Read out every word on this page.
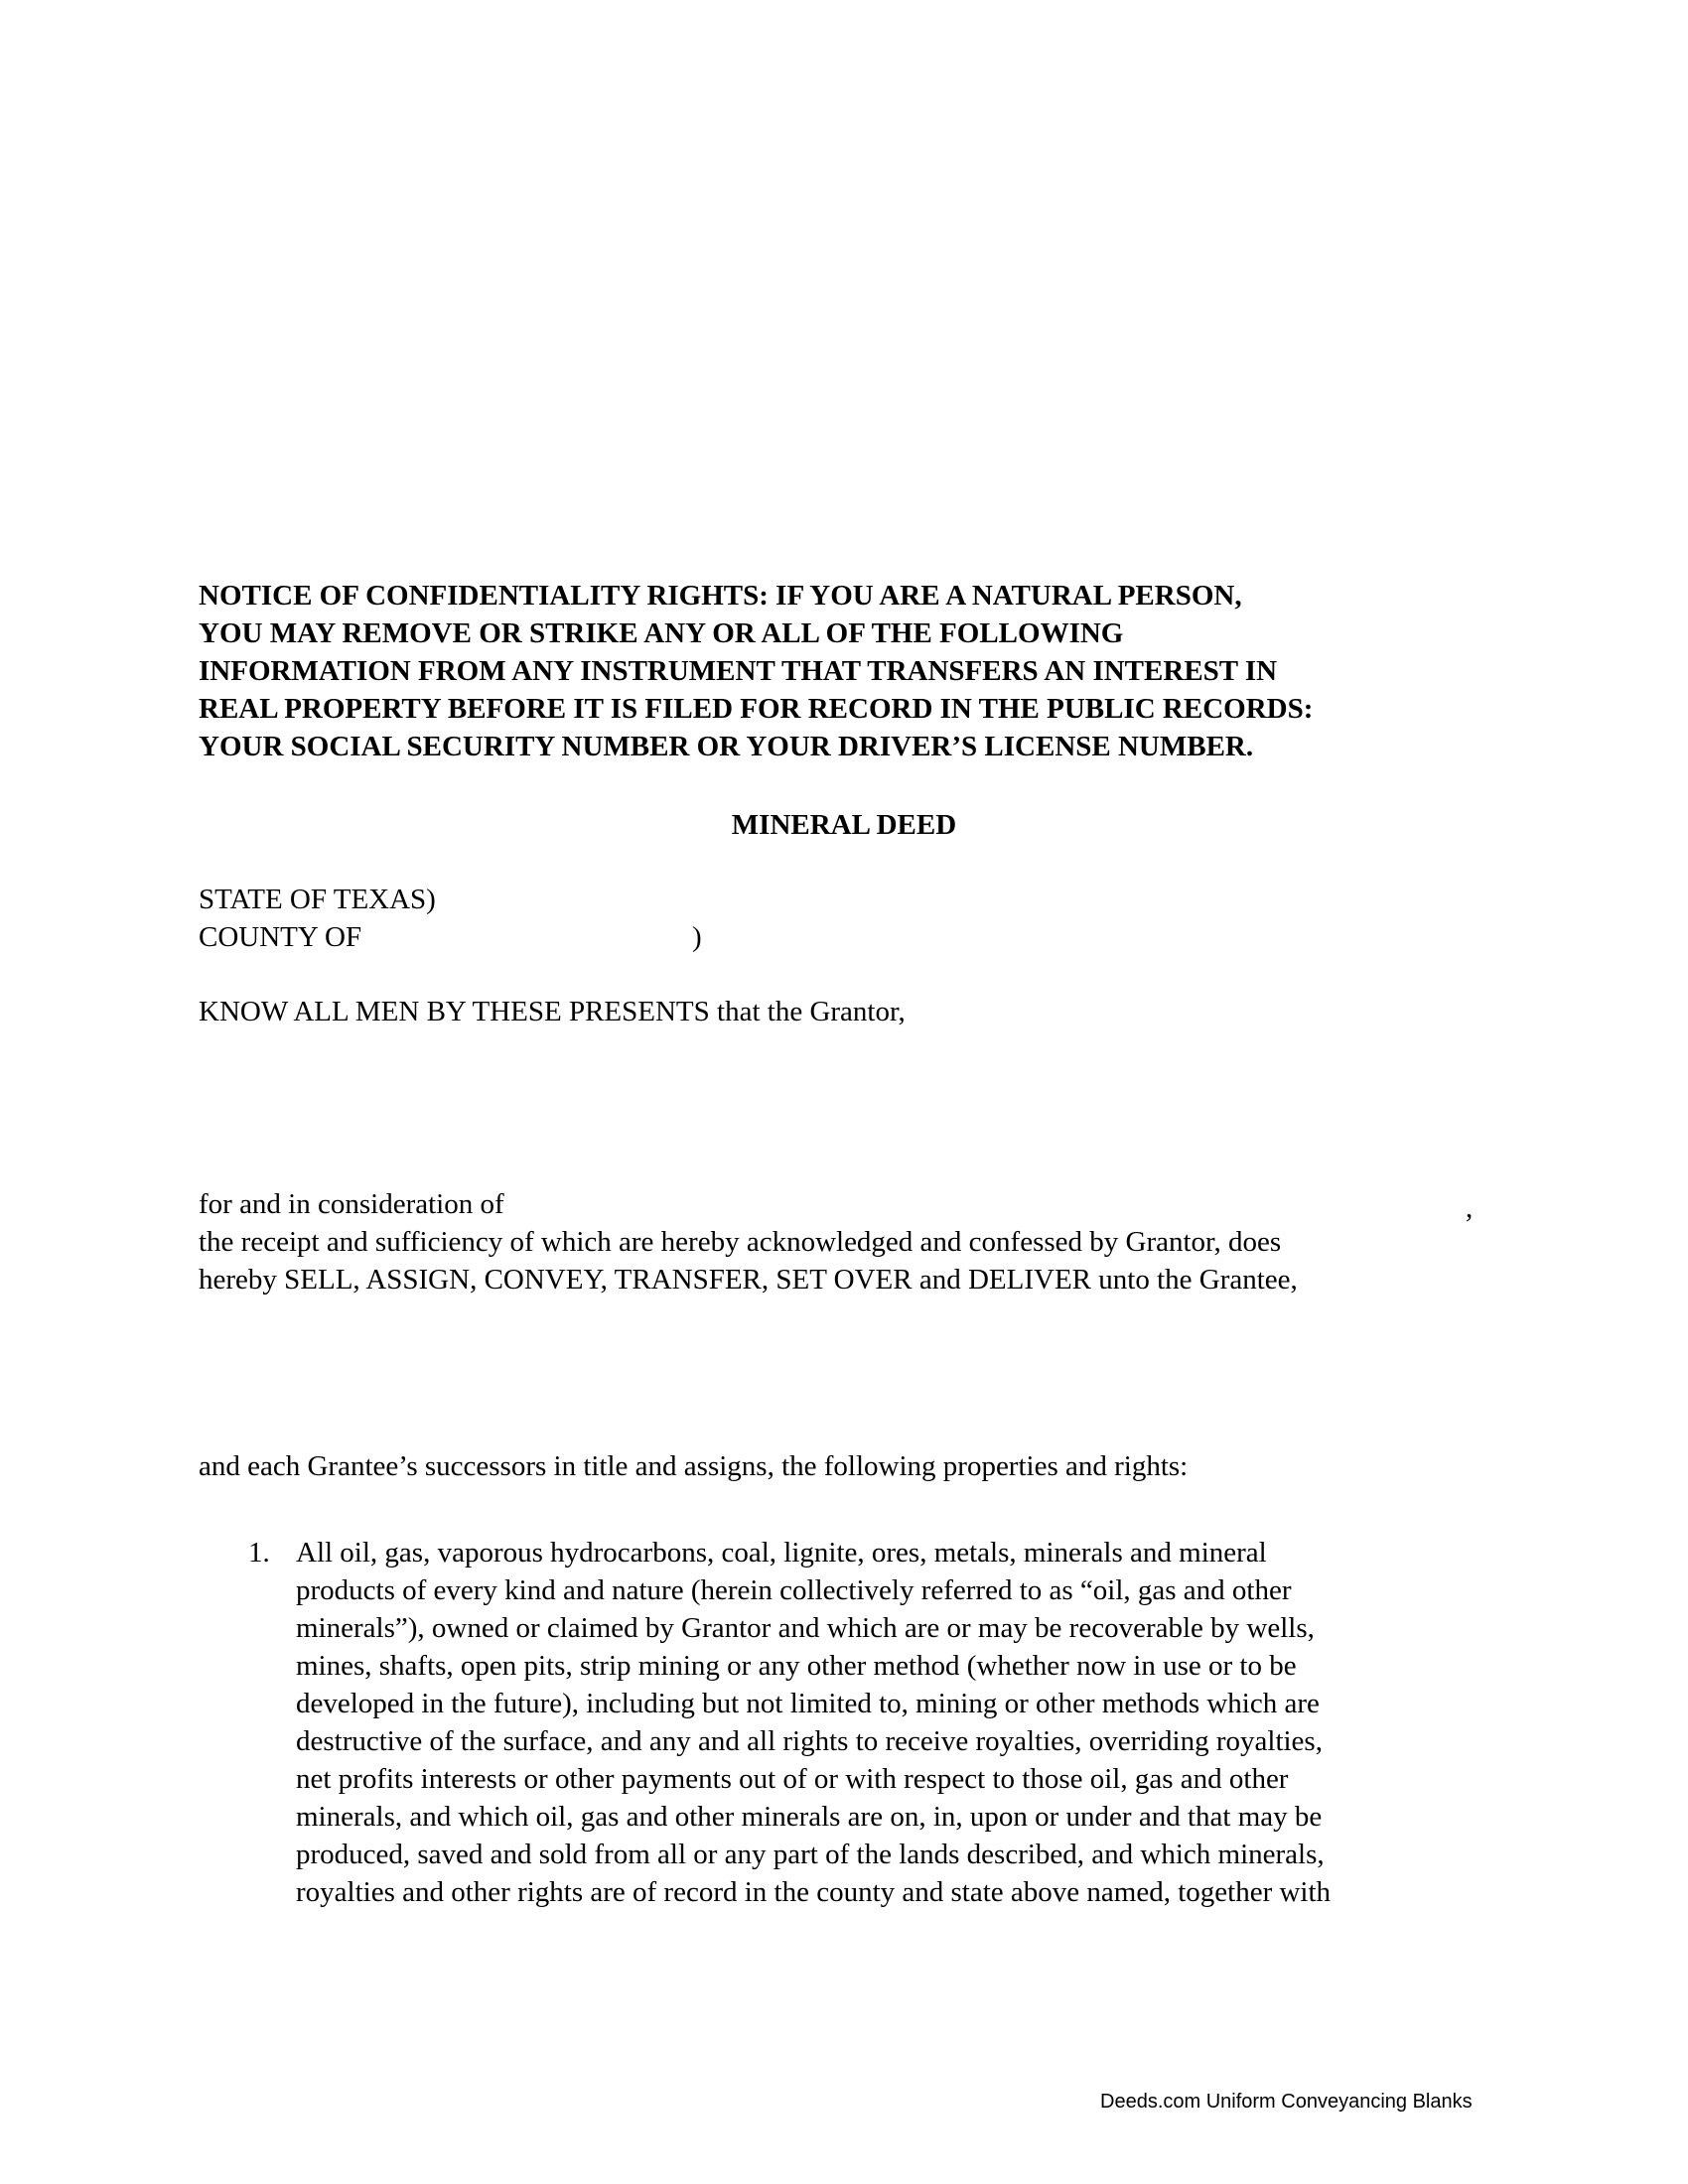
NOTICE OF CONFIDENTIALITY RIGHTS: IF YOU ARE A NATURAL PERSON,
YOU MAY REMOVE OR STRIKE ANY OR ALL OF THE FOLLOWING
INFORMATION FROM ANY INSTRUMENT THAT TRANSFERS AN INTEREST IN
REAL PROPERTY BEFORE IT IS FILED FOR RECORD IN THE PUBLIC RECORDS:
YOUR SOCIAL SECURITY NUMBER OR YOUR DRIVER’S LICENSE NUMBER.
MINERAL DEED
STATE OF TEXAS)
COUNTY OF	)
KNOW ALL MEN BY THESE PRESENTS that the Grantor,
for and in consideration of	,
the receipt and sufficiency of which are hereby acknowledged and confessed by Grantor, does
hereby SELL, ASSIGN, CONVEY, TRANSFER, SET OVER and DELIVER unto the Grantee,
and each Grantee’s successors in title and assigns, the following properties and rights:
1. All oil, gas, vaporous hydrocarbons, coal, lignite, ores, metals, minerals and mineral
products of every kind and nature (herein collectively referred to as “oil, gas and other
minerals”), owned or claimed by Grantor and which are or may be recoverable by wells,
mines, shafts, open pits, strip mining or any other method (whether now in use or to be
developed in the future), including but not limited to, mining or other methods which are
destructive of the surface, and any and all rights to receive royalties, overriding royalties,
net profits interests or other payments out of or with respect to those oil, gas and other
minerals, and which oil, gas and other minerals are on, in, upon or under and that may be
produced, saved and sold from all or any part of the lands described, and which minerals,
royalties and other rights are of record in the county and state above named, together with
Deeds.com Uniform Conveyancing Blanks
